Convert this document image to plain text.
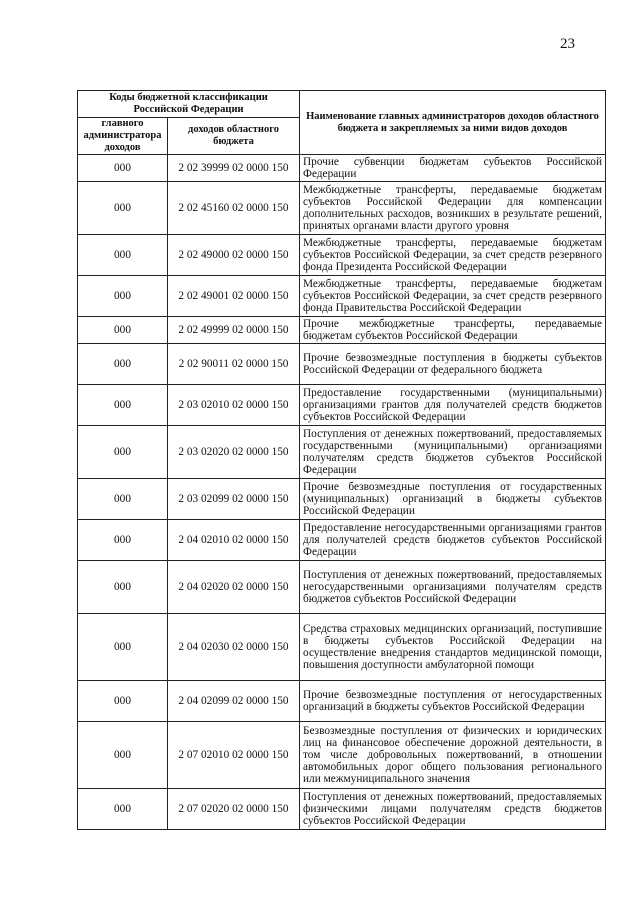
23
Коды бюджетной классификации Российской Федерации		Наименование главных администраторов доходов областного бюджета и закрепляемых за ними видов доходов
главного администратора доходов	доходов областного бюджета	
000	2 02 39999 02 0000 150	Прочие субвенции бюджетам субъектов Российской Федерации
000	2 02 45160 02 0000 150	Межбюджетные трансферты, передаваемые бюджетам субъектов Российской Федерации для компенсации дополнительных расходов, возникших в результате решений, принятых органами власти другого уровня
000	2 02 49000 02 0000 150	Межбюджетные трансферты, передаваемые бюджетам субъектов Российской Федерации, за счет средств резервного фонда Президента Российской Федерации
000	2 02 49001 02 0000 150	Межбюджетные трансферты, передаваемые бюджетам субъектов Российской Федерации, за счет средств резервного фонда Правительства Российской Федерации
000	2 02 49999 02 0000 150	Прочие межбюджетные трансферты, передаваемые бюджетам субъектов Российской Федерации
000	2 02 90011 02 0000 150	Прочие безвозмездные поступления в бюджеты субъектов Российской Федерации от федерального бюджета
000	2 03 02010 02 0000 150	Предоставление государственными (муниципальными) организациями грантов для получателей средств бюджетов субъектов Российской Федерации
000	2 03 02020 02 0000 150	Поступления от денежных пожертвований, предоставляемых государственными (муниципальными) организациями получателям средств бюджетов субъектов Российской Федерации
000	2 03 02099 02 0000 150	Прочие безвозмездные поступления от государственных (муниципальных) организаций в бюджеты субъектов Российской Федерации
000	2 04 02010 02 0000 150	Предоставление негосударственными организациями грантов для получателей средств бюджетов субъектов Российской Федерации
000	2 04 02020 02 0000 150	Поступления от денежных пожертвований, предоставляемых негосударственными организациями получателям средств бюджетов субъектов Российской Федерации
000	2 04 02030 02 0000 150	Средства страховых медицинских организаций, поступившие в бюджеты субъектов Российской Федерации на осуществление внедрения стандартов медицинской помощи, повышения доступности амбулаторной помощи
000	2 04 02099 02 0000 150	Прочие безвозмездные поступления от негосударственных организаций в бюджеты субъектов Российской Федерации
000	2 07 02010 02 0000 150	Безвозмездные поступления от физических и юридических лиц на финансовое обеспечение дорожной деятельности, в том числе добровольных пожертвований, в отношении автомобильных дорог общего пользования регионального или межмуниципального значения
000	2 07 02020 02 0000 150	Поступления от денежных пожертвований, предоставляемых физическими лицами получателям средств бюджетов субъектов Российской Федерации
